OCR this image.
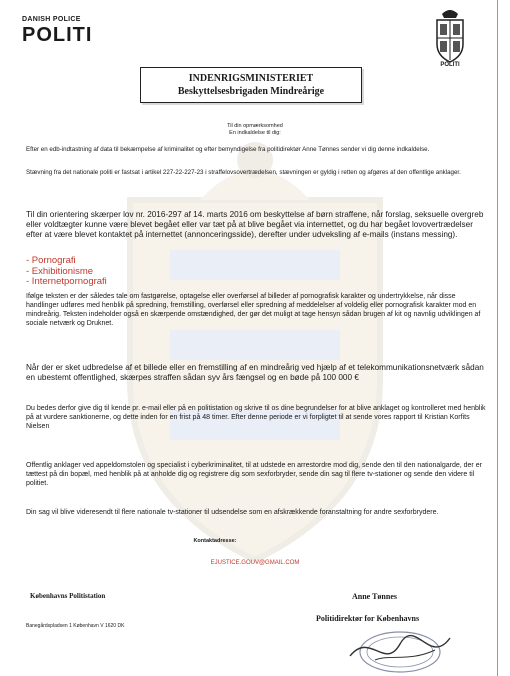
DANISH POLICE
POLITI
POLITI
INDENRIGSMINISTERIET
Beskyttelsesbrigaden Mindreårige
Til din opmærksomhed
En indkaldelse til dig:

Efter en edb-indtastning af data til bekæmpelse af kriminalitet og efter bemyndigelse fra politidirektør Anne Tønnes sender vi dig denne indkaldelse.

Stævning fra det nationale politi er fastsat i artikel 227-22-227-23 i straffelovsovertrædelsen, stævningen er gyldig i retten og afgøres af den offentlige anklager.

Til din orientering skærper lov nr. 2016-297 af 14. marts 2016 om beskyttelse af børn straffene, når forslag, seksuelle overgreb eller voldtægter kunne være blevet begået eller var tæt på at blive begået via internettet, og du har begået lovovertrædelser efter at være blevet kontaktet på internettet (annonceringsside), derefter under udveksling af e-mails (instans messing).

- Pornografi
- Exhibitionisme
- Internetpornografi

Ifølge teksten er der således tale om fastgørelse, optagelse eller overførsel af billeder af pornografisk karakter og undertrykkelse, når disse handlinger udføres med henblik på spredning, fremstilling, overførsel eller spredning af meddelelser af voldelig eller pornografisk karakter mod en mindreårig. Teksten indeholder også en skærpende omstændighed, der gør det muligt at tage hensyn sådan brugen af kit og navnlig udviklingen af sociale netværk og Druknet.

Når der er sket udbredelse af et billede eller en fremstilling af en mindreårig ved hjælp af et telekommunikationsnetværk sådan en ubestemt offentlighed, skærpes straffen sådan syv års fængsel og en bøde på 100 000 €

Du bedes derfor give dig til kende pr. e-mail eller på en politistation og skrive til os dine begrundelser for at blive anklaget og kontrolleret med henblik på at vurdere sanktionerne, og dette inden for en frist på 48 timer. Efter denne periode er vi forpligtet til at sende vores rapport til Kristian Korfits Nielsen

Offentlig anklager ved appeldomstolen og specialist i cyberkriminalitet, til at udstede en arrestordre mod dig, sende den til den nationalgarde, der er tættest på din bopæl, med henblik på at anholde dig og registrere dig som sexforbryder, sende din sag til flere tv-stationer og sende den videre til politiet.

Din sag vil blive videresendt til flere nationale tv-stationer til udsendelse som en afskrækkende foranstaltning for andre sexforbrydere.

Kontaktadresse:
EJUSTICE.GOUV@GMAIL.COM
Københavns Politistation	Anne Tønnes
Politidirektør for Københavns
Banegårdspladsen 1 København V 1620 DK
